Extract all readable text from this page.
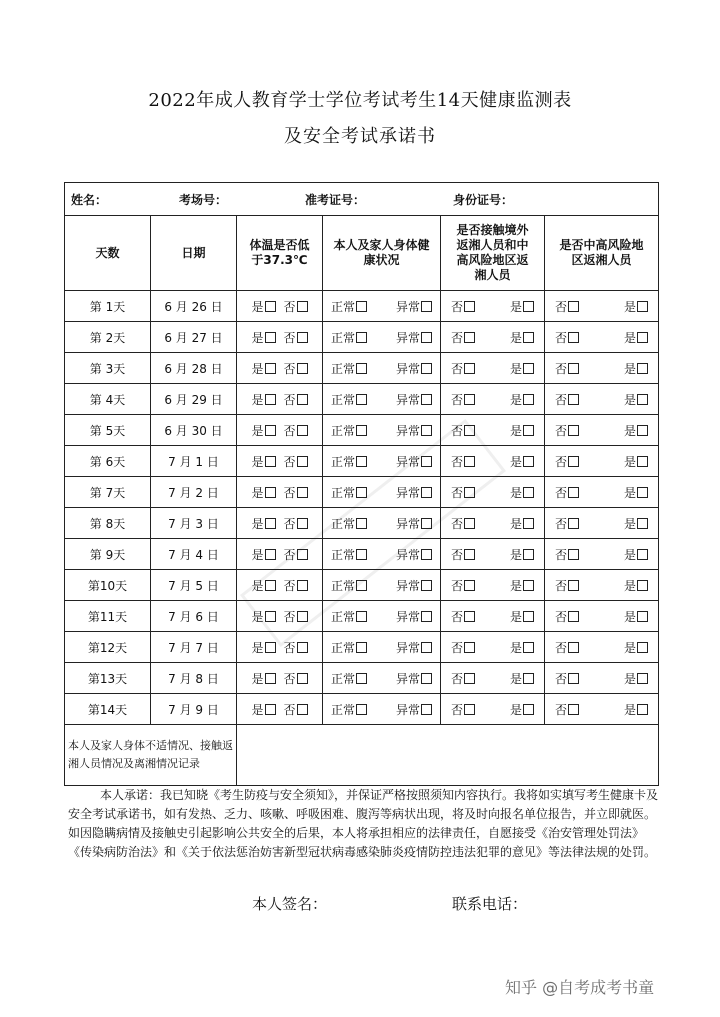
2022年成人教育学士学位考试考生14天健康监测表
及安全考试承诺书
姓名： 考场号： 准考证号： 身份证号：					

天数	日期	体温是否低于37.3℃	本人及家人身体健康状况	是否接触境外返湘人员和中高风险地区返湘人员	是否中高风险地区返湘人员
第 1天	6 月 26 日	是 否	正常 异常	否 是	否 是

第 2天	6 月 27 日	是 否	正常 异常	否 是	否 是

第 3天	6 月 28 日	是 否	正常 异常	否 是	否 是

第 4天	6 月 29 日	是 否	正常 异常	否 是	否 是

第 5天	6 月 30 日	是 否	正常 异常	否 是	否 是

第 6天	7 月 1 日	是 否	正常 异常	否 是	否 是

第 7天	7 月 2 日	是 否	正常 异常	否 是	否 是

第 8天	7 月 3 日	是 否	正常 异常	否 是	否 是

第 9天	7 月 4 日	是 否	正常 异常	否 是	否 是

第10天	7 月 5 日	是 否	正常 异常	否 是	否 是

第11天	7 月 6 日	是 否	正常 异常	否 是	否 是

第12天	7 月 7 日	是 否	正常 异常	否 是	否 是

第13天	7 月 8 日	是 否	正常 异常	否 是	否 是

第14天	7 月 9 日	是 否	正常 异常	否 是	否 是

本人及家人身体不适情况、接触返湘人员情况及离湘情况记录					
本人承诺：我已知晓《考生防疫与安全须知》，并保证严格按照须知内容执行。我将如实填写考生健康卡及安全考试承诺书，如有发热、乏力、咳嗽、呼吸困难、腹泻等病状出现，将及时向报名单位报告，并立即就医。如因隐瞒病情及接触史引起影响公共安全的后果，本人将承担相应的法律责任，自愿接受《治安管理处罚法》《传染病防治法》和《关于依法惩治妨害新型冠状病毒感染肺炎疫情防控违法犯罪的意见》等法律法规的处罚。
本人签名：	联系电话：
知乎 @自考成考书童
